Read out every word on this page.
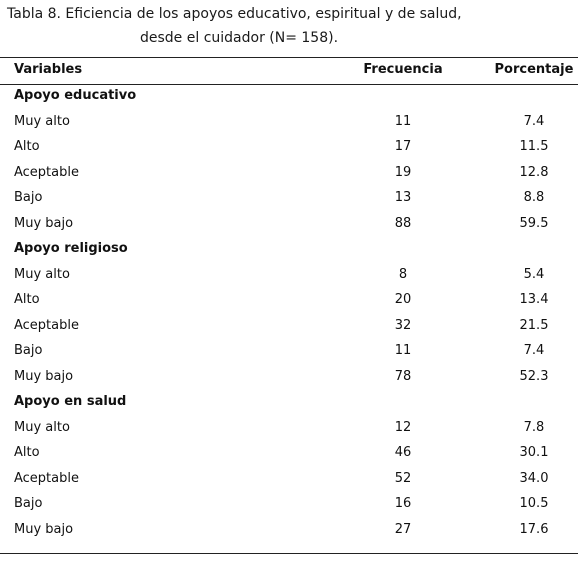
Tabla 8. Eficiencia de los apoyos educativo, espiritual y de salud,
desde el cuidador (N= 158).
Variables	Frecuencia	Porcentaje
Apoyo educativo
Muy alto	11	7.4
Alto	17	11.5
Aceptable	19	12.8
Bajo	13	8.8
Muy bajo	88	59.5
Apoyo religioso
Muy alto	8	5.4
Alto	20	13.4
Aceptable	32	21.5
Bajo	11	7.4
Muy bajo	78	52.3
Apoyo en salud
Muy alto	12	7.8
Alto	46	30.1
Aceptable	52	34.0
Bajo	16	10.5
Muy bajo	27	17.6
